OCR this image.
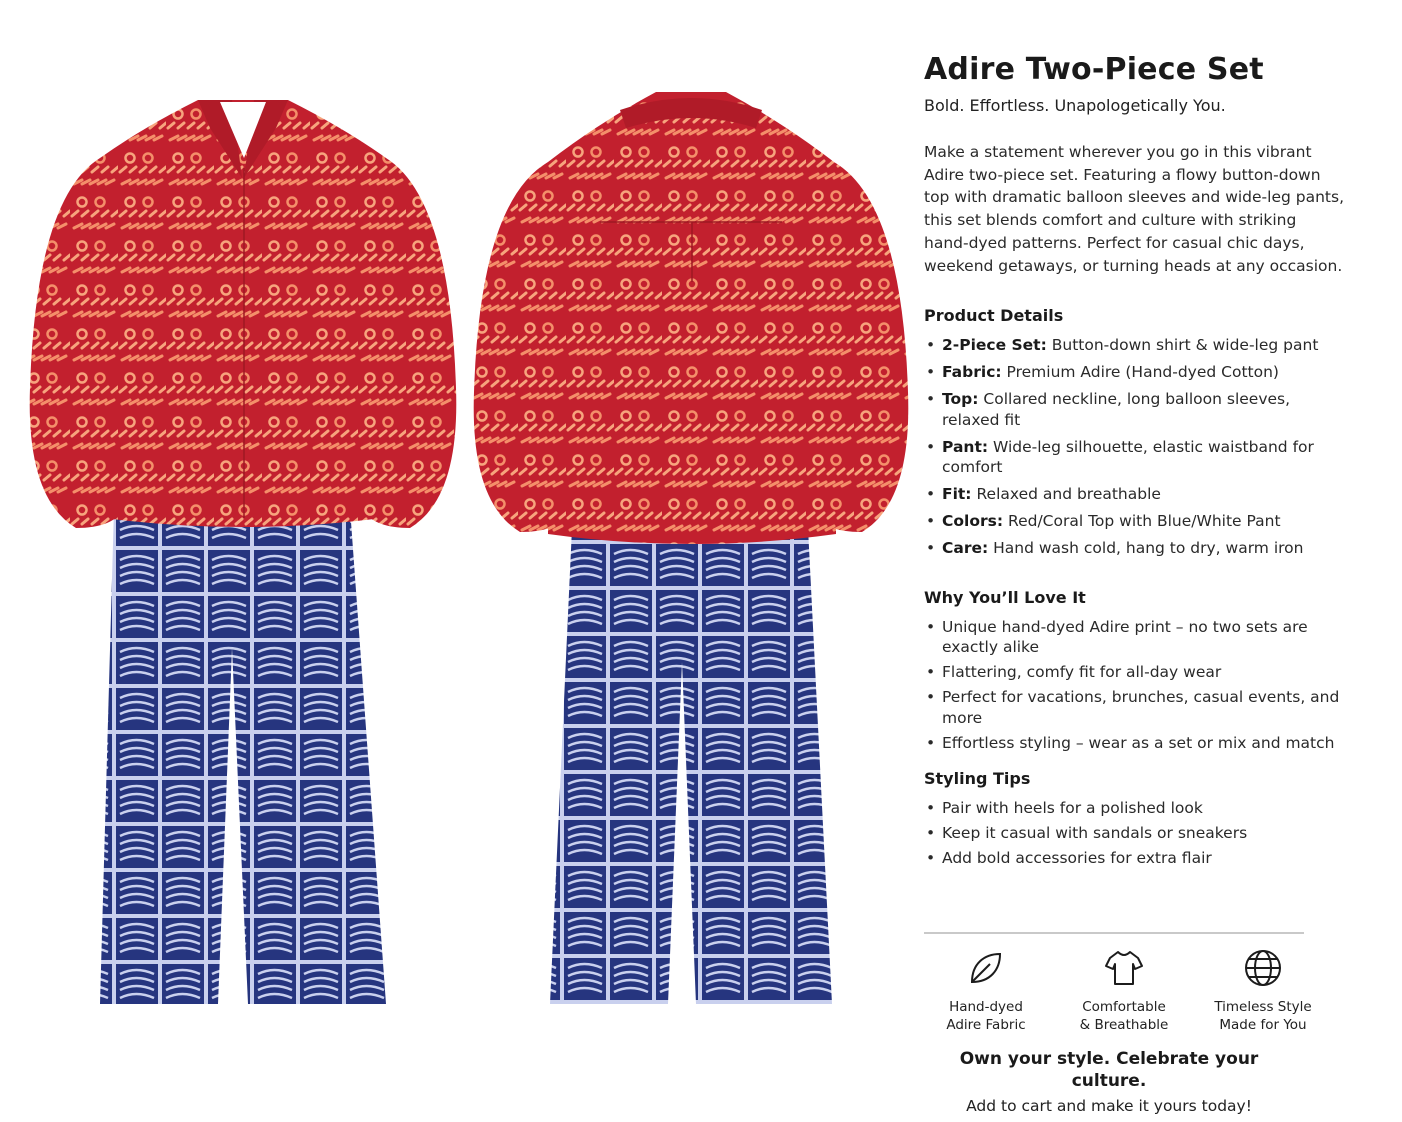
Adire Two-Piece Set
Bold. Effortless. Unapologetically You.
Make a statement wherever you go in this vibrant Adire two-piece set. Featuring a flowy button-down top with dramatic balloon sleeves and wide-leg pants, this set blends comfort and culture with striking hand-dyed patterns. Perfect for casual chic days, weekend getaways, or turning heads at any occasion.
Product Details
• 2-Piece Set: Button-down shirt & wide-leg pant
• Fabric: Premium Adire (Hand-dyed Cotton)
• Top: Collared neckline, long balloon sleeves, relaxed fit
• Pant: Wide-leg silhouette, elastic waistband for comfort
• Fit: Relaxed and breathable
• Colors: Red/Coral Top with Blue/White Pant
• Care: Hand wash cold, hang to dry, warm iron
Why You’ll Love It
• Unique hand-dyed Adire print – no two sets are exactly alike
• Flattering, comfy fit for all-day wear
• Perfect for vacations, brunches, casual events, and more
• Effortless styling – wear as a set or mix and match
Styling Tips
• Pair with heels for a polished look
• Keep it casual with sandals or sneakers
• Add bold accessories for extra flair
Hand-dyed
Adire Fabric
Comfortable
& Breathable
Timeless Style
Made for You
Own your style. Celebrate your culture.
Add to cart and make it yours today!
